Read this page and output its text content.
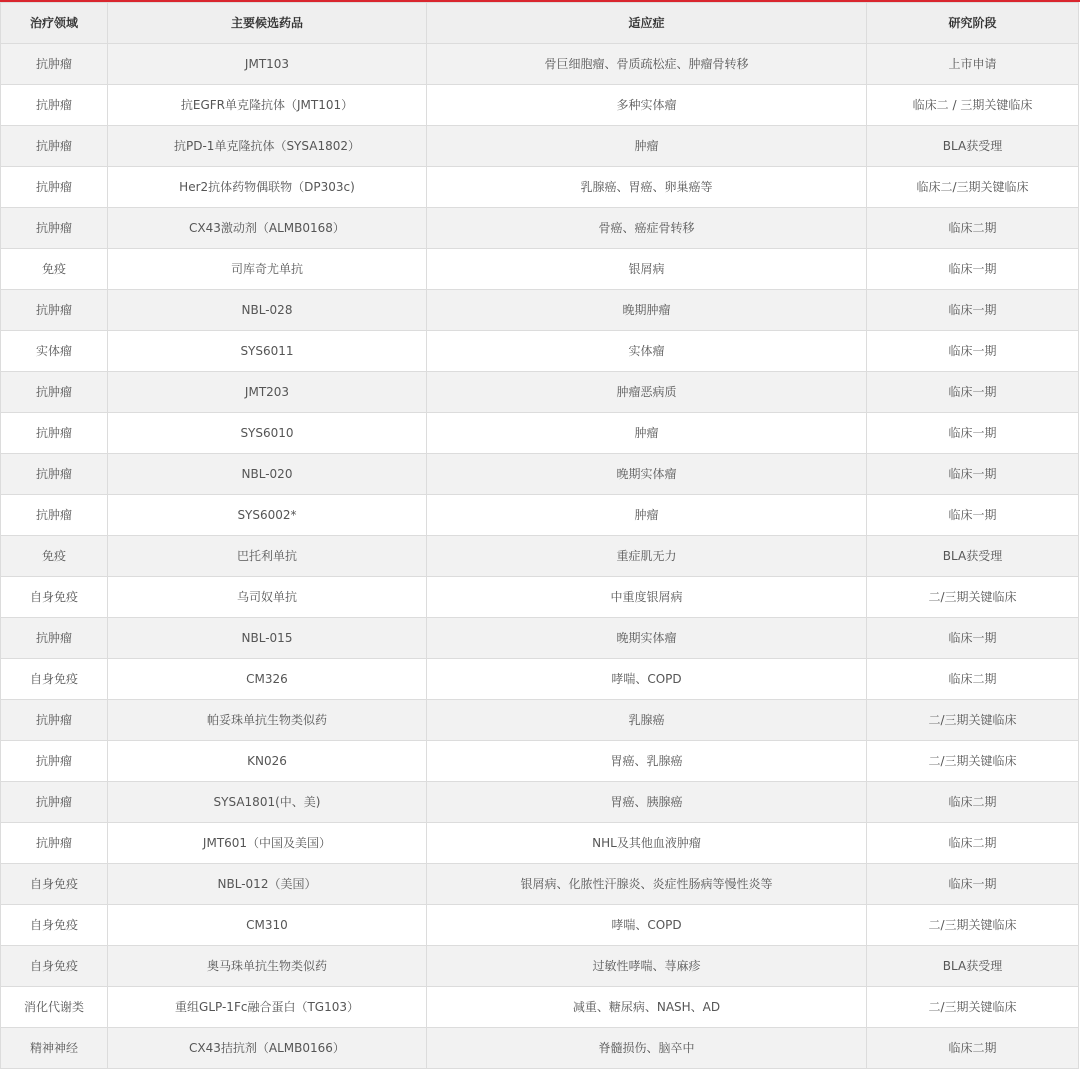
治疗领域	主要候选药品	适应症	研究阶段
抗肿瘤	JMT103	骨巨细胞瘤、骨质疏松症、肿瘤骨转移	上市申请
抗肿瘤	抗EGFR单克隆抗体（JMT101）	多种实体瘤	临床二 / 三期关键临床
抗肿瘤	抗PD-1单克隆抗体（SYSA1802）	肿瘤	BLA获受理
抗肿瘤	Her2抗体药物偶联物（DP303c)	乳腺癌、胃癌、卵巢癌等	临床二/三期关键临床
抗肿瘤	CX43激动剂（ALMB0168）	骨癌、癌症骨转移	临床二期
免疫	司库奇尤单抗	银屑病	临床一期
抗肿瘤	NBL-028	晚期肿瘤	临床一期
实体瘤	SYS6011	实体瘤	临床一期
抗肿瘤	JMT203	肿瘤恶病质	临床一期
抗肿瘤	SYS6010	肿瘤	临床一期
抗肿瘤	NBL-020	晚期实体瘤	临床一期
抗肿瘤	SYS6002*	肿瘤	临床一期
免疫	巴托利单抗	重症肌无力	BLA获受理
自身免疫	乌司奴单抗	中重度银屑病	二/三期关键临床
抗肿瘤	NBL-015	晚期实体瘤	临床一期
自身免疫	CM326	哮喘、COPD	临床二期
抗肿瘤	帕妥珠单抗生物类似药	乳腺癌	二/三期关键临床
抗肿瘤	KN026	胃癌、乳腺癌	二/三期关键临床
抗肿瘤	SYSA1801(中、美)	胃癌、胰腺癌	临床二期
抗肿瘤	JMT601（中国及美国）	NHL及其他血液肿瘤	临床二期
自身免疫	NBL-012（美国）	银屑病、化脓性汗腺炎、炎症性肠病等慢性炎等	临床一期
自身免疫	CM310	哮喘、COPD	二/三期关键临床
自身免疫	奥马珠单抗生物类似药	过敏性哮喘、荨麻疹	BLA获受理
消化代谢类	重组GLP-1Fc融合蛋白（TG103）	减重、糖尿病、NASH、AD	二/三期关键临床
精神神经	CX43拮抗剂（ALMB0166）	脊髓损伤、脑卒中	临床二期
